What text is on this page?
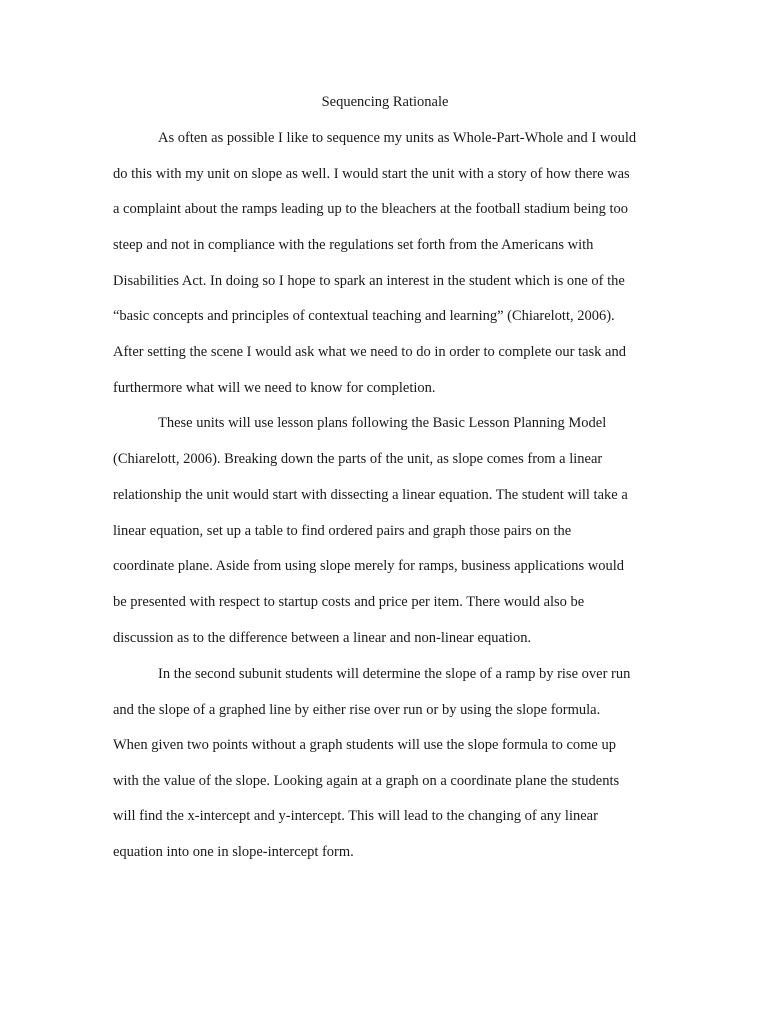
Sequencing Rationale
As often as possible I like to sequence my units as Whole-Part-Whole and I would
do this with my unit on slope as well. I would start the unit with a story of how there was
a complaint about the ramps leading up to the bleachers at the football stadium being too
steep and not in compliance with the regulations set forth from the Americans with
Disabilities Act. In doing so I hope to spark an interest in the student which is one of the
“basic concepts and principles of contextual teaching and learning” (Chiarelott, 2006).
After setting the scene I would ask what we need to do in order to complete our task and
furthermore what will we need to know for completion.
These units will use lesson plans following the Basic Lesson Planning Model
(Chiarelott, 2006). Breaking down the parts of the unit, as slope comes from a linear
relationship the unit would start with dissecting a linear equation. The student will take a
linear equation, set up a table to find ordered pairs and graph those pairs on the
coordinate plane. Aside from using slope merely for ramps, business applications would
be presented with respect to startup costs and price per item. There would also be
discussion as to the difference between a linear and non-linear equation.
In the second subunit students will determine the slope of a ramp by rise over run
and the slope of a graphed line by either rise over run or by using the slope formula.
When given two points without a graph students will use the slope formula to come up
with the value of the slope. Looking again at a graph on a coordinate plane the students
will find the x-intercept and y-intercept. This will lead to the changing of any linear
equation into one in slope-intercept form.
